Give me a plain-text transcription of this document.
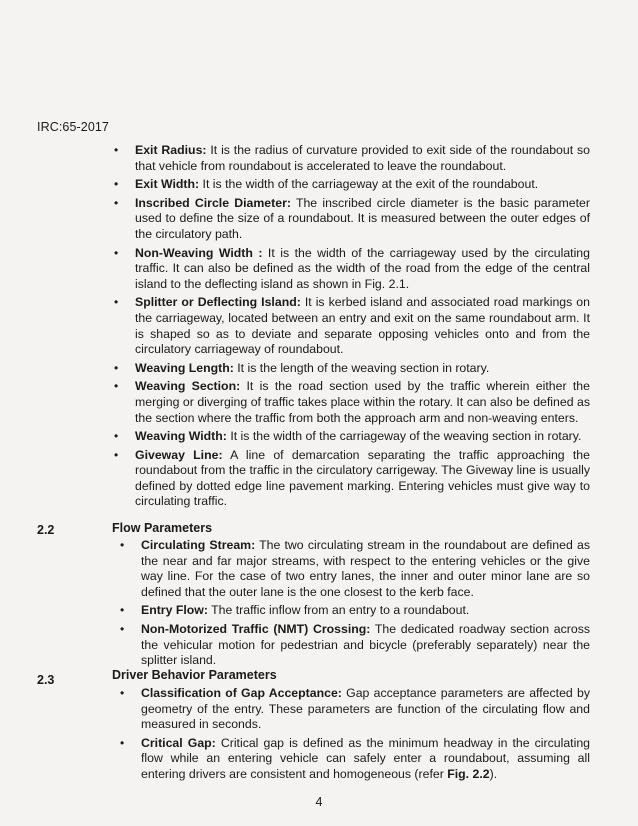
IRC:65-2017
• Exit Radius: It is the radius of curvature provided to exit side of the roundabout so that vehicle from roundabout is accelerated to leave the roundabout.
• Exit Width: It is the width of the carriageway at the exit of the roundabout.
• Inscribed Circle Diameter: The inscribed circle diameter is the basic parameter used to define the size of a roundabout. It is measured between the outer edges of the circulatory path.
• Non-Weaving Width : It is the width of the carriageway used by the circulating traffic. It can also be defined as the width of the road from the edge of the central island to the deflecting island as shown in Fig. 2.1.
• Splitter or Deflecting Island: It is kerbed island and associated road markings on the carriageway, located between an entry and exit on the same roundabout arm. It is shaped so as to deviate and separate opposing vehicles onto and from the circulatory carriageway of roundabout.
• Weaving Length: It is the length of the weaving section in rotary.
• Weaving Section: It is the road section used by the traffic wherein either the merging or diverging of traffic takes place within the rotary. It can also be defined as the section where the traffic from both the approach arm and non-weaving enters.
• Weaving Width: It is the width of the carriageway of the weaving section in rotary.
• Giveway Line: A line of demarcation separating the traffic approaching the roundabout from the traffic in the circulatory carrigeway. The Giveway line is usually defined by dotted edge line pavement marking. Entering vehicles must give way to circulating traffic.
2.2	Flow Parameters
• Circulating Stream: The two circulating stream in the roundabout are defined as the near and far major streams, with respect to the entering vehicles or the give way line. For the case of two entry lanes, the inner and outer minor lane are so defined that the outer lane is the one closest to the kerb face.
• Entry Flow: The traffic inflow from an entry to a roundabout.
• Non-Motorized Traffic (NMT) Crossing: The dedicated roadway section across the vehicular motion for pedestrian and bicycle (preferably separately) near the splitter island.
2.3	Driver Behavior Parameters
• Classification of Gap Acceptance: Gap acceptance parameters are affected by geometry of the entry. These parameters are function of the circulating flow and measured in seconds.
• Critical Gap: Critical gap is defined as the minimum headway in the circulating flow while an entering vehicle can safely enter a roundabout, assuming all entering drivers are consistent and homogeneous (refer Fig. 2.2).
4
